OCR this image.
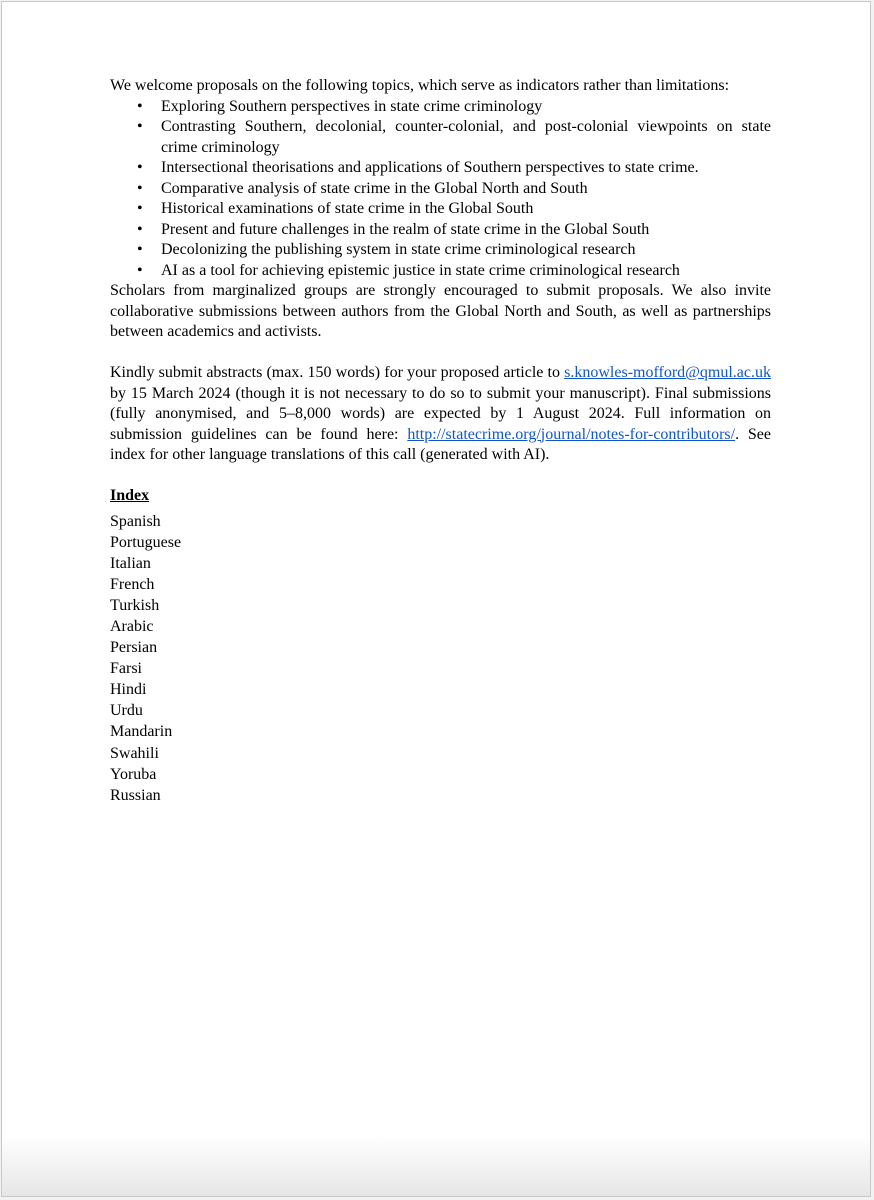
We welcome proposals on the following topics, which serve as indicators rather than limitations:

• Exploring Southern perspectives in state crime criminology
• Contrasting Southern, decolonial, counter-colonial, and post-colonial viewpoints on state crime criminology
• Intersectional theorisations and applications of Southern perspectives to state crime.
• Comparative analysis of state crime in the Global North and South
• Historical examinations of state crime in the Global South
• Present and future challenges in the realm of state crime in the Global South
• Decolonizing the publishing system in state crime criminological research
• AI as a tool for achieving epistemic justice in state crime criminological research

Scholars from marginalized groups are strongly encouraged to submit proposals. We also invite collaborative submissions between authors from the Global North and South, as well as partnerships between academics and activists.

Kindly submit abstracts (max. 150 words) for your proposed article to s.knowles-mofford@qmul.ac.uk by 15 March 2024 (though it is not necessary to do so to submit your manuscript). Final submissions (fully anonymised, and 5–8,000 words) are expected by 1 August 2024. Full information on submission guidelines can be found here: http://statecrime.org/journal/notes-for-contributors/. See index for other language translations of this call (generated with AI).

Index

Spanish
Portuguese
Italian
French
Turkish
Arabic
Persian
Farsi
Hindi
Urdu
Mandarin
Swahili
Yoruba
Russian
